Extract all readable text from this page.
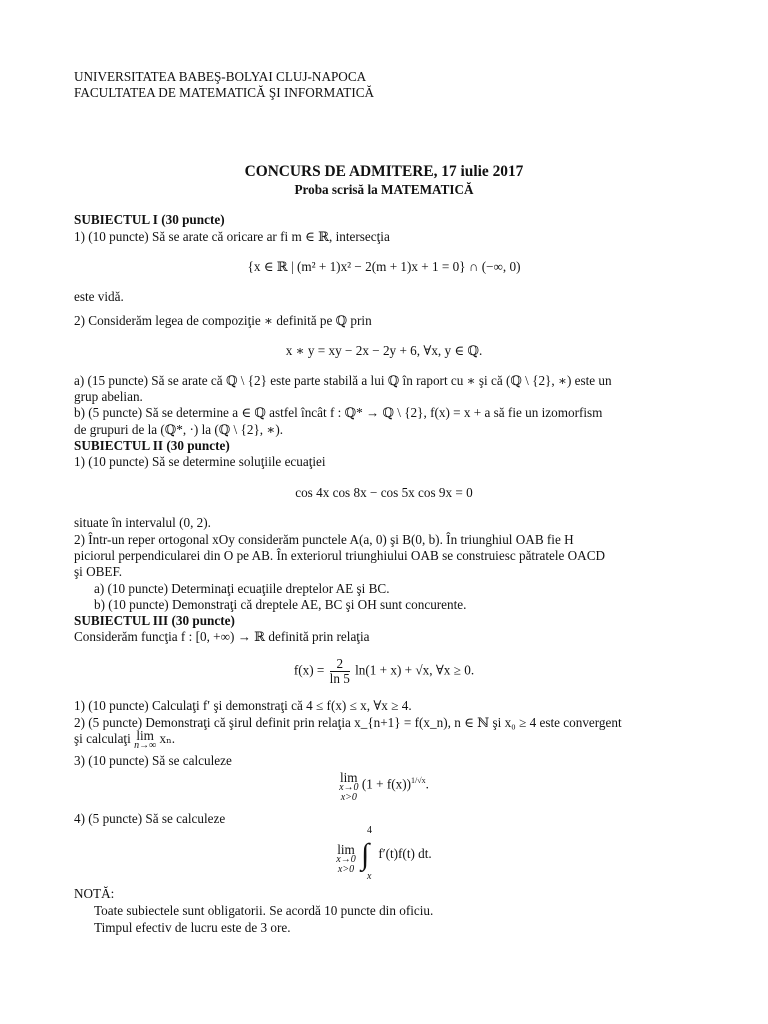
UNIVERSITATEA BABEŞ-BOLYAI CLUJ-NAPOCA

FACULTATEA DE MATEMATICĂ ŞI INFORMATICĂ

CONCURS DE ADMITERE, 17 iulie 2017

Proba scrisă la MATEMATICĂ

SUBIECTUL I (30 puncte)

1) (10 puncte) Să se arate că oricare ar fi m ∈ ℝ, intersecţia

{x ∈ ℝ | (m² + 1)x² − 2(m + 1)x + 1 = 0} ∩ (−∞, 0)

este vidă.

2) Considerăm legea de compoziţie ∗ definită pe ℚ prin

x ∗ y = xy − 2x − 2y + 6, ∀x, y ∈ ℚ.

a) (15 puncte) Să se arate că ℚ \ {2} este parte stabilă a lui ℚ în raport cu ∗ şi că (ℚ \ {2}, ∗) este un

grup abelian.

b) (5 puncte) Să se determine a ∈ ℚ astfel încât f : ℚ* → ℚ \ {2}, f(x) = x + a să fie un izomorfism

de grupuri de la (ℚ*, ·) la (ℚ \ {2}, ∗).

SUBIECTUL II (30 puncte)

1) (10 puncte) Să se determine soluţiile ecuaţiei

cos 4x cos 8x − cos 5x cos 9x = 0

situate în intervalul (0, 2).

2) Într-un reper ortogonal xOy considerăm punctele A(a, 0) şi B(0, b). În triunghiul OAB fie H

piciorul perpendicularei din O pe AB. În exteriorul triunghiului OAB se construiesc pătratele OACD

şi OBEF.

a) (10 puncte) Determinaţi ecuaţiile dreptelor AE şi BC.

b) (10 puncte) Demonstraţi că dreptele AE, BC şi OH sunt concurente.

SUBIECTUL III (30 puncte)

Considerăm funcţia f : [0, +∞) → ℝ definită prin relaţia

$f(x) = \frac{2}{\ln 5} \ln(1 + x) + √x$, ∀x ≥ 0.

1) (10 puncte) Calculaţi f′ şi demonstraţi că 4 ≤ f(x) ≤ x, ∀x ≥ 4.

2) (5 puncte) Demonstraţi că şirul definit prin relaţia x_{n+1} = f(x_n), n ∈ ℕ şi x₀ ≥ 4 este convergent

şi calculaţi lim
n→∞ xₙ.

3) (10 puncte) Să se calculeze

lim
x→0
x>0
$(1 + f(x))^{1/√x}$.

4) (5 puncte) Să se calculeze

lim
x→0
x>0
∫
4
x
f′(t)f(t) dt.

NOTĂ:

Toate subiectele sunt obligatorii. Se acordă 10 puncte din oficiu.

Timpul efectiv de lucru este de 3 ore.
